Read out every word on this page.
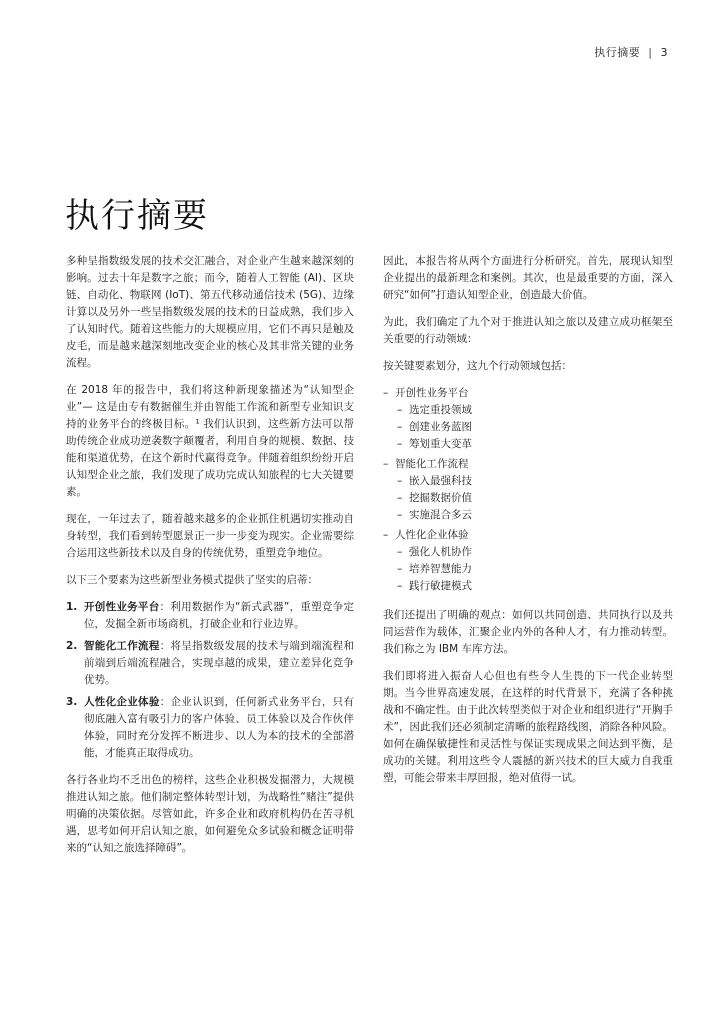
执行摘要 | 3
执行摘要

多种呈指数级发展的技术交汇融合，对企业产生越来越深刻的影响。过去十年是数字之旅；而今，随着人工智能 (AI)、区块链、自动化、物联网 (IoT)、第五代移动通信技术 (5G)、边缘计算以及另外一些呈指数级发展的技术的日益成熟，我们步入了认知时代。随着这些能力的大规模应用，它们不再只是触及皮毛，而是越来越深刻地改变企业的核心及其非常关键的业务流程。

在 2018 年的报告中，我们将这种新现象描述为“认知型企业”— 这是由专有数据催生并由智能工作流和新型专业知识支持的业务平台的终极目标。¹ 我们认识到，这些新方法可以帮助传统企业成功逆袭数字颠覆者，利用自身的规模、数据、技能和渠道优势，在这个新时代赢得竞争。伴随着组织纷纷开启认知型企业之旅，我们发现了成功完成认知旅程的七大关键要素。

现在，一年过去了，随着越来越多的企业抓住机遇切实推动自身转型，我们看到转型愿景正一步一步变为现实。企业需要综合运用这些新技术以及自身的传统优势，重塑竞争地位。

以下三个要素为这些新型业务模式提供了坚实的启蒂：

1. 开创性业务平台：利用数据作为“新式武器”，重塑竞争定位，发掘全新市场商机，打破企业和行业边界。
2. 智能化工作流程：将呈指数级发展的技术与端到端流程和前端到后端流程融合，实现卓越的成果，建立差异化竞争优势。
3. 人性化企业体验：企业认识到，任何新式业务平台，只有彻底融入富有吸引力的客户体验、员工体验以及合作伙伴体验，同时充分发挥不断进步、以人为本的技术的全部潜能，才能真正取得成功。

各行各业均不乏出色的榜样，这些企业积极发掘潜力，大规模推进认知之旅。他们制定整体转型计划，为战略性“赌注”提供明确的决策依据。尽管如此，许多企业和政府机构仍在苦寻机遇，思考如何开启认知之旅，如何避免众多试验和概念证明带来的“认知之旅选择障碍”。

因此，本报告将从两个方面进行分析研究。首先，展现认知型企业提出的最新理念和案例。其次，也是最重要的方面，深入研究“如何”打造认知型企业，创造最大价值。

为此，我们确定了九个对于推进认知之旅以及建立成功框架至关重要的行动领域：

按关键要素划分，这九个行动领域包括：

– 开创性业务平台
– 选定重投领域
– 创建业务蓝图
– 筹划重大变革
– 智能化工作流程
– 嵌入最强科技
– 挖掘数据价值
– 实施混合多云
– 人性化企业体验
– 强化人机协作
– 培养智慧能力
– 践行敏捷模式

我们还提出了明确的观点：如何以共同创造、共同执行以及共同运营作为载体，汇聚企业内外的各种人才，有力推动转型。我们称之为 IBM 车库方法。

我们即将进入振奋人心但也有些令人生畏的下一代企业转型期。当今世界高速发展，在这样的时代背景下，充满了各种挑战和不确定性。由于此次转型类似于对企业和组织进行“开胸手术”，因此我们还必须制定清晰的旅程路线图，消除各种风险。如何在确保敏捷性和灵活性与保证实现成果之间达到平衡，是成功的关键。利用这些令人震撼的新兴技术的巨大威力自我重塑，可能会带来丰厚回报，绝对值得一试。
